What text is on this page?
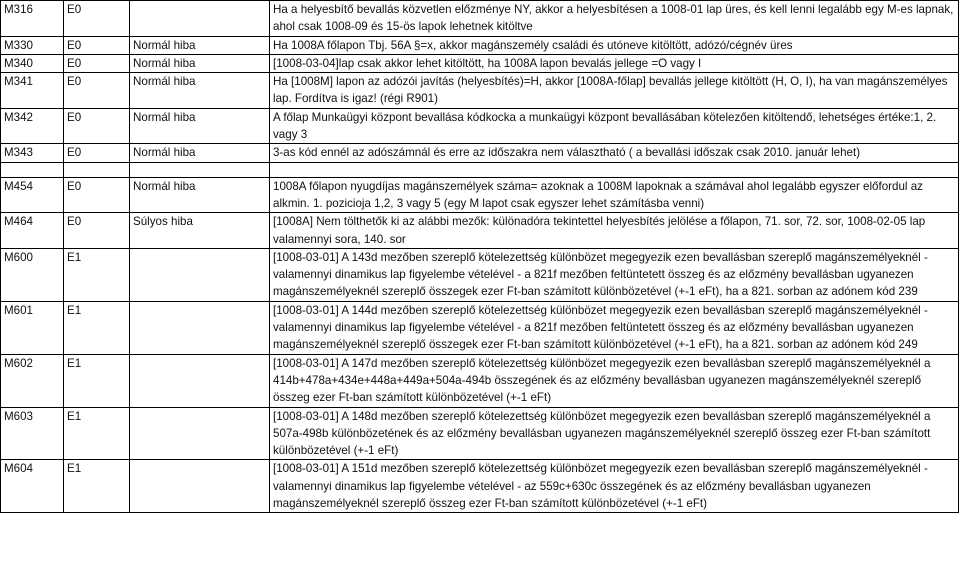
M316	E0		Ha a helyesbítő bevallás közvetlen előzménye NY, akkor a helyesbítésen a 1008-01 lap üres, és kell lenni legalább egy M-es lapnak, ahol csak 1008-09 és 15-ös lapok lehetnek kitöltve
M330	E0	Normál hiba	Ha 1008A főlapon Tbj. 56A §=x, akkor magánszemély családi és utóneve kitöltött, adózó/cégnév üres
M340	E0	Normál hiba	[1008-03-04]lap csak akkor lehet kitöltött, ha 1008A lapon bevalás jellege =O vagy I
M341	E0	Normál hiba	Ha [1008M] lapon az adózói javítás (helyesbítés)=H, akkor [1008A-főlap] bevallás jellege kitöltött (H, O, I), ha van magánszemélyes lap. Fordítva is igaz! (régi R901)
M342	E0	Normál hiba	A főlap Munkaügyi központ bevallása kódkocka a munkaügyi központ bevallásában kötelezően kitöltendő, lehetséges értéke:1, 2. vagy 3
M343	E0	Normál hiba	3-as kód ennél az adószámnál és erre az időszakra nem választható ( a bevallási időszak csak 2010. január lehet)

M454	E0	Normál hiba	1008A főlapon nyugdíjas magánszemélyek száma= azoknak a 1008M lapoknak a számával ahol legalább egyszer előfordul az alkmin. 1. pozicioja 1,2, 3 vagy 5 (egy M lapot csak egyszer lehet számításba venni)
M464	E0	Súlyos hiba	[1008A] Nem tölthetők ki az alábbi mezők: különadóra tekintettel helyesbítés jelölése a főlapon, 71. sor, 72. sor, 1008-02-05 lap valamennyi sora, 140. sor
M600	E1		[1008-03-01] A 143d mezőben szereplő kötelezettség különbözet megegyezik ezen bevallásban szereplő magánszemélyeknél - valamennyi dinamikus lap figyelembe vételével - a 821f mezőben feltüntetett összeg és az előzmény bevallásban ugyanezen magánszemélyeknél szereplő összegek ezer Ft-ban számított különbözetével (+-1 eFt), ha a 821. sorban az adónem kód 239
M601	E1		[1008-03-01] A 144d mezőben szereplő kötelezettség különbözet megegyezik ezen bevallásban szereplő magánszemélyeknél - valamennyi dinamikus lap figyelembe vételével - a 821f mezőben feltüntetett összeg és az előzmény bevallásban ugyanezen magánszemélyeknél szereplő összegek ezer Ft-ban számított különbözetével (+-1 eFt), ha a 821. sorban az adónem kód 249
M602	E1		[1008-03-01] A 147d mezőben szereplő kötelezettség különbözet megegyezik ezen bevallásban szereplő magánszemélyeknél a 414b+478a+434e+448a+449a+504a-494b összegének és az előzmény bevallásban ugyanezen magánszemélyeknél szereplő összeg ezer Ft-ban számított különbözetével (+-1 eFt)
M603	E1		[1008-03-01] A 148d mezőben szereplő kötelezettség különbözet megegyezik ezen bevallásban szereplő magánszemélyeknél a 507a-498b különbözetének és az előzmény bevallásban ugyanezen magánszemélyeknél szereplő összeg ezer Ft-ban számított különbözetével (+-1 eFt)
M604	E1		[1008-03-01] A 151d mezőben szereplő kötelezettség különbözet megegyezik ezen bevallásban szereplő magánszemélyeknél - valamennyi dinamikus lap figyelembe vételével - az 559c+630c összegének és az előzmény bevallásban ugyanezen magánszemélyeknél szereplő összeg ezer Ft-ban számított különbözetével (+-1 eFt)
